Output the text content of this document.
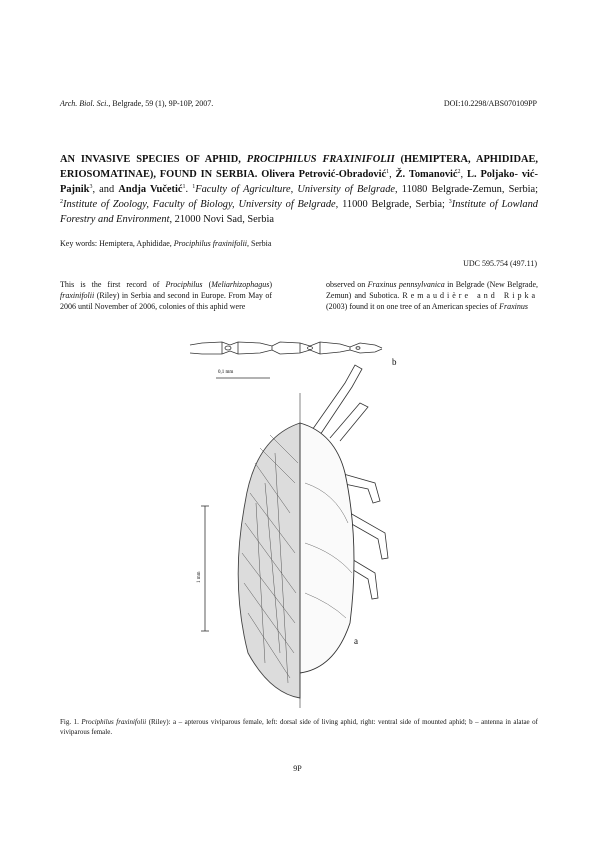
Arch. Biol. Sci., Belgrade, 59 (1), 9P-10P, 2007.	DOI:10.2298/ABS070109PP
AN INVASIVE SPECIES OF APHID, PROCIPHILUS FRAXINIFOLII (HEMIPTERA, APHIDIDAE, ERIOSOMATINAE), FOUND IN SERBIA. Olivera Petrović-Obradović$^1$, Ž. Tomanović$^2$, L. Poljako- vić-Pajnik$^3$, and Andja Vučetić$^1$. $^1$Faculty of Agriculture, University of Belgrade, 11080 Belgrade-Zemun, Serbia; $^2$Institute of Zoology, Faculty of Biology, University of Belgrade, 11000 Belgrade, Serbia; $^3$Institute of Lowland Forestry and Environment, 21000 Novi Sad, Serbia
Key words: Hemiptera, Aphididae, Prociphilus fraxinifolii, Serbia
UDC 595.754 (497.11)
This is the first record of Prociphilus (Meliarhizophagus) fraxinifolii (Riley) in Serbia and second in Europe. From May of 2006 until November of 2006, colonies of this aphid were
observed on Fraxinus pennsylvanica in Belgrade (New Belgrade, Zemun) and Subotica. Remaudière and Ripka (2003) found it on one tree of an American species of Fraxinus
0,1 mm
b
1 mm
a
Fig. 1. Prociphilus fraxinifolii (Riley): a – apterous viviparous female, left: dorsal side of living aphid, right: ventral side of mounted aphid; b – antenna in alatae of viviparous female.
9P
